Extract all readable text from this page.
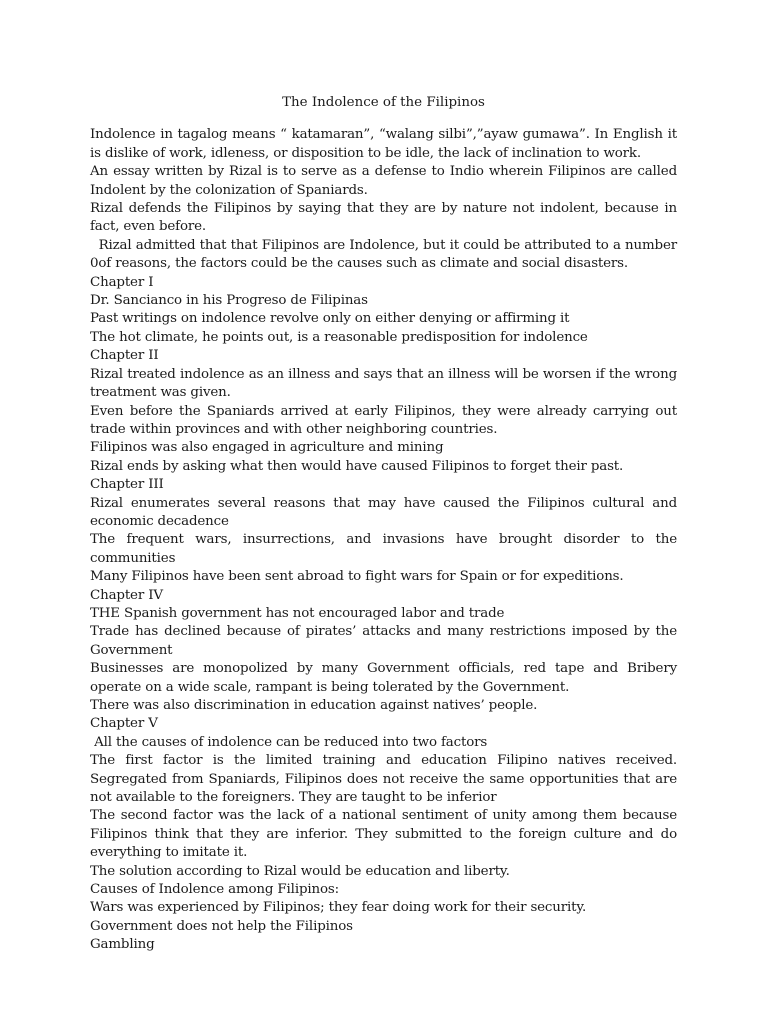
The Indolence of the Filipinos

Indolence in tagalog means “ katamaran”, “walang silbi”,”ayaw gumawa”. In English it is dislike of work, idleness, or disposition to be idle, the lack of inclination to work.

An essay written by Rizal is to serve as a defense to Indio wherein Filipinos are called Indolent by the colonization of Spaniards.

Rizal defends the Filipinos by saying that they are by nature not indolent, because in fact, even before.

Rizal admitted that that Filipinos are Indolence, but it could be attributed to a number 0of reasons, the factors could be the causes such as climate and social disasters.

Chapter I

Dr. Sancianco in his Progreso de Filipinas

Past writings on indolence revolve only on either denying or affirming it

The hot climate, he points out, is a reasonable predisposition for indolence

Chapter II

Rizal treated indolence as an illness and says that an illness will be worsen if the wrong treatment was given.

Even before the Spaniards arrived at early Filipinos, they were already carrying out trade within provinces and with other neighboring countries.

Filipinos was also engaged in agriculture and mining

Rizal ends by asking what then would have caused Filipinos to forget their past.

Chapter III

Rizal enumerates several reasons that may have caused the Filipinos cultural and economic decadence

The frequent wars, insurrections, and invasions have brought disorder to the communities

Many Filipinos have been sent abroad to fight wars for Spain or for expeditions.

Chapter IV

THE Spanish government has not encouraged labor and trade

Trade has declined because of pirates’ attacks and many restrictions imposed by the Government

Businesses are monopolized by many Government officials, red tape and Bribery operate on a wide scale, rampant is being tolerated by the Government.

There was also discrimination in education against natives’ people.

Chapter V

All the causes of indolence can be reduced into two factors

The first factor is the limited training and education Filipino natives received. Segregated from Spaniards, Filipinos does not receive the same opportunities that are not available to the foreigners. They are taught to be inferior

The second factor was the lack of a national sentiment of unity among them because Filipinos think that they are inferior. They submitted to the foreign culture and do everything to imitate it.

The solution according to Rizal would be education and liberty.

Causes of Indolence among Filipinos:

Wars was experienced by Filipinos; they fear doing work for their security.

Government does not help the Filipinos

Gambling
